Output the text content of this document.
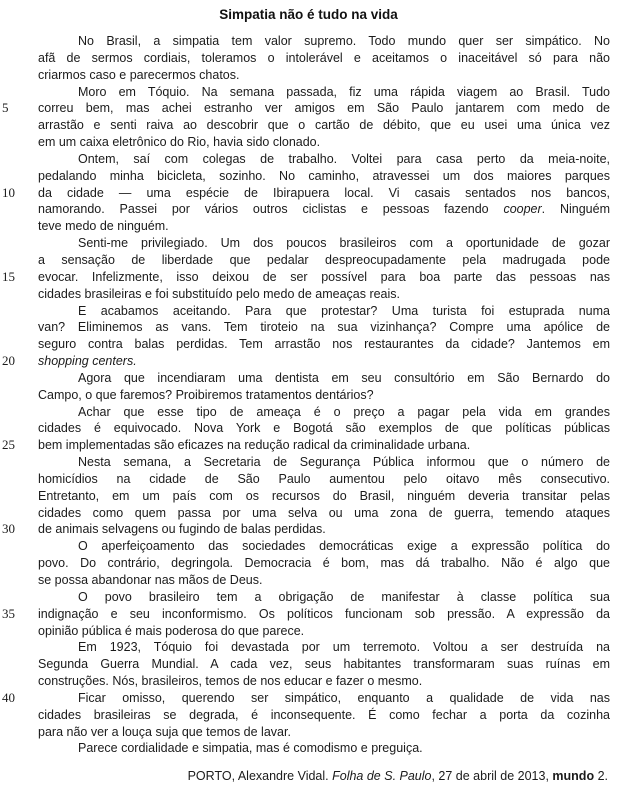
Simpatia não é tudo na vida
No Brasil, a simpatia tem valor supremo. Todo mundo quer ser simpático. No
afã de sermos cordiais, toleramos o intolerável e aceitamos o inaceitável só para não
criarmos caso e parecermos chatos.
Moro em Tóquio. Na semana passada, fiz uma rápida viagem ao Brasil. Tudo
5	correu bem, mas achei estranho ver amigos em São Paulo jantarem com medo de
arrastão e senti raiva ao descobrir que o cartão de débito, que eu usei uma única vez
em um caixa eletrônico do Rio, havia sido clonado.
Ontem, saí com colegas de trabalho. Voltei para casa perto da meia-noite,
pedalando minha bicicleta, sozinho. No caminho, atravessei um dos maiores parques
10	da cidade — uma espécie de Ibirapuera local. Vi casais sentados nos bancos,
namorando. Passei por vários outros ciclistas e pessoas fazendo cooper. Ninguém
teve medo de ninguém.
Senti-me privilegiado. Um dos poucos brasileiros com a oportunidade de gozar
a sensação de liberdade que pedalar despreocupadamente pela madrugada pode
15	evocar. Infelizmente, isso deixou de ser possível para boa parte das pessoas nas
cidades brasileiras e foi substituído pelo medo de ameaças reais.
E acabamos aceitando. Para que protestar? Uma turista foi estuprada numa
van? Eliminemos as vans. Tem tiroteio na sua vizinhança? Compre uma apólice de
seguro contra balas perdidas. Tem arrastão nos restaurantes da cidade? Jantemos em
20	shopping centers.
Agora que incendiaram uma dentista em seu consultório em São Bernardo do
Campo, o que faremos? Proibiremos tratamentos dentários?
Achar que esse tipo de ameaça é o preço a pagar pela vida em grandes
cidades é equivocado. Nova York e Bogotá são exemplos de que políticas públicas
25	bem implementadas são eficazes na redução radical da criminalidade urbana.
Nesta semana, a Secretaria de Segurança Pública informou que o número de
homicídios na cidade de São Paulo aumentou pelo oitavo mês consecutivo.
Entretanto, em um país com os recursos do Brasil, ninguém deveria transitar pelas
cidades como quem passa por uma selva ou uma zona de guerra, temendo ataques
30	de animais selvagens ou fugindo de balas perdidas.
O aperfeiçoamento das sociedades democráticas exige a expressão política do
povo. Do contrário, degringola. Democracia é bom, mas dá trabalho. Não é algo que
se possa abandonar nas mãos de Deus.
O povo brasileiro tem a obrigação de manifestar à classe política sua
35	indignação e seu inconformismo. Os políticos funcionam sob pressão. A expressão da
opinião pública é mais poderosa do que parece.
Em 1923, Tóquio foi devastada por um terremoto. Voltou a ser destruída na
Segunda Guerra Mundial. A cada vez, seus habitantes transformaram suas ruínas em
construções. Nós, brasileiros, temos de nos educar e fazer o mesmo.
40	Ficar omisso, querendo ser simpático, enquanto a qualidade de vida nas
cidades brasileiras se degrada, é inconsequente. É como fechar a porta da cozinha
para não ver a louça suja que temos de lavar.
Parece cordialidade e simpatia, mas é comodismo e preguiça.
PORTO, Alexandre Vidal. Folha de S. Paulo, 27 de abril de 2013, mundo 2.
